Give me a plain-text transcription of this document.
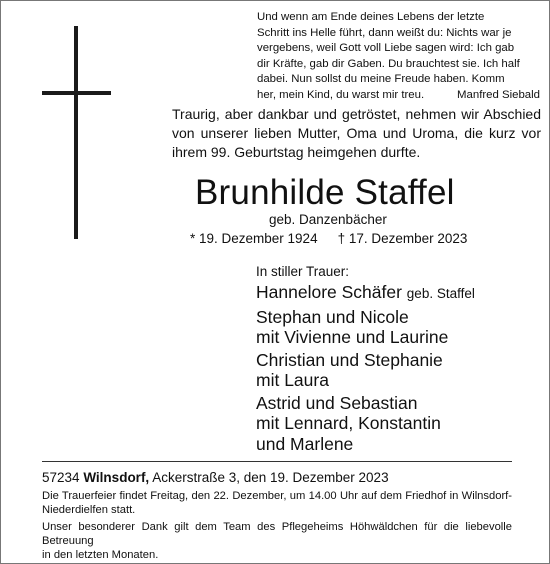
Und wenn am Ende deines Lebens der letzte
Schritt ins Helle führt, dann weißt du: Nichts war je
vergebens, weil Gott voll Liebe sagen wird: Ich gab
dir Kräfte, gab dir Gaben. Du brauchtest sie. Ich half
dabei. Nun sollst du meine Freude haben. Komm
her, mein Kind, du warst mir treu.	Manfred Siebald
Traurig, aber dankbar und getröstet, nehmen wir Abschied
von unserer lieben Mutter, Oma und Uroma, die kurz vor
ihrem 99. Geburtstag heimgehen durfte.
Brunhilde Staffel
geb. Danzenbächer
* 19. Dezember 1924 † 17. Dezember 2023
In stiller Trauer:
Hannelore Schäfer geb. Staffel
Stephan und Nicole
mit Vivienne und Laurine
Christian und Stephanie
mit Laura
Astrid und Sebastian
mit Lennard, Konstantin
und Marlene
57234 Wilnsdorf, Ackerstraße 3, den 19. Dezember 2023
Die Trauerfeier findet Freitag, den 22. Dezember, um 14.00 Uhr auf dem Friedhof in Wilnsdorf-
Niederdielfen statt.
Unser besonderer Dank gilt dem Team des Pflegeheims Höhwäldchen für die liebevolle Betreuung
in den letzten Monaten.
